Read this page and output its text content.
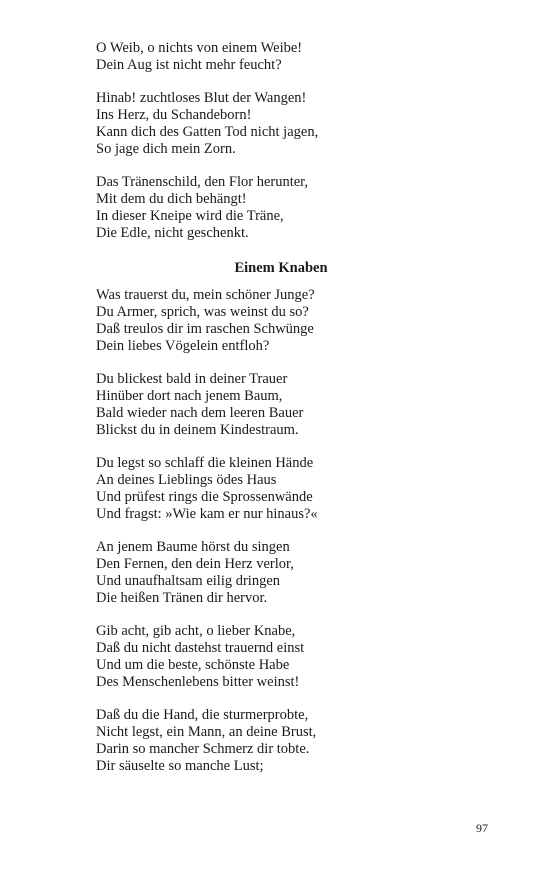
O Weib, o nichts von einem Weibe!
Dein Aug ist nicht mehr feucht?
Hinab! zuchtloses Blut der Wangen!
Ins Herz, du Schandeborn!
Kann dich des Gatten Tod nicht jagen,
So jage dich mein Zorn.
Das Tränenschild, den Flor herunter,
Mit dem du dich behängt!
In dieser Kneipe wird die Träne,
Die Edle, nicht geschenkt.
Einem Knaben
Was trauerst du, mein schöner Junge?
Du Armer, sprich, was weinst du so?
Daß treulos dir im raschen Schwünge
Dein liebes Vögelein entfloh?
Du blickest bald in deiner Trauer
Hinüber dort nach jenem Baum,
Bald wieder nach dem leeren Bauer
Blickst du in deinem Kindestraum.
Du legst so schlaff die kleinen Hände
An deines Lieblings ödes Haus
Und prüfest rings die Sprossenwände
Und fragst: »Wie kam er nur hinaus?«
An jenem Baume hörst du singen
Den Fernen, den dein Herz verlor,
Und unaufhaltsam eilig dringen
Die heißen Tränen dir hervor.
Gib acht, gib acht, o lieber Knabe,
Daß du nicht dastehst trauernd einst
Und um die beste, schönste Habe
Des Menschenlebens bitter weinst!
Daß du die Hand, die sturmerprobte,
Nicht legst, ein Mann, an deine Brust,
Darin so mancher Schmerz dir tobte.
Dir säuselte so manche Lust;
97
